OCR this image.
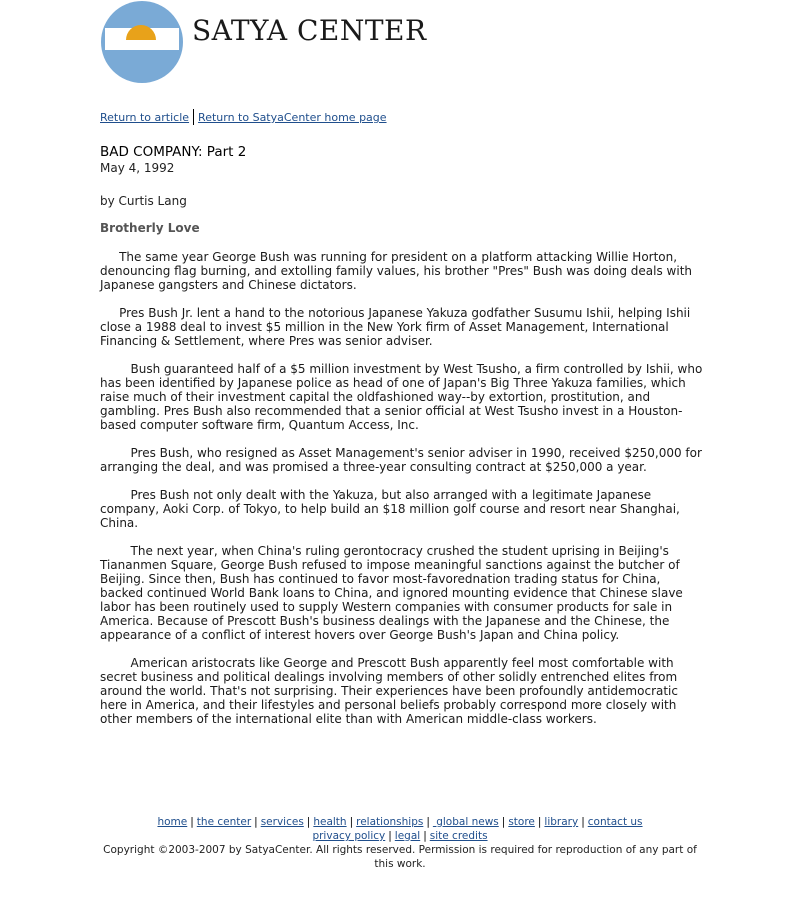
SATYA CENTER
Return to article Return to SatyaCenter home page
BAD COMPANY: Part 2
May 4, 1992
by Curtis Lang
Brotherly Love

The same year George Bush was running for president on a platform attacking Willie Horton, denouncing flag burning, and extolling family values, his brother "Pres" Bush was doing deals with Japanese gangsters and Chinese dictators.

Pres Bush Jr. lent a hand to the notorious Japanese Yakuza godfather Susumu Ishii, helping Ishii close a 1988 deal to invest $5 million in the New York firm of Asset Management, International Financing & Settlement, where Pres was senior adviser.

Bush guaranteed half of a $5 million investment by West Tsusho, a firm controlled by Ishii, who has been identified by Japanese police as head of one of Japan's Big Three Yakuza families, which raise much of their investment capital the oldfashioned way--by extortion, prostitution, and gambling. Pres Bush also recommended that a senior official at West Tsusho invest in a Houston-based computer software firm, Quantum Access, Inc.

Pres Bush, who resigned as Asset Management's senior adviser in 1990, received $250,000 for arranging the deal, and was promised a three-year consulting contract at $250,000 a year.

Pres Bush not only dealt with the Yakuza, but also arranged with a legitimate Japanese company, Aoki Corp. of Tokyo, to help build an $18 million golf course and resort near Shanghai, China.

The next year, when China's ruling gerontocracy crushed the student uprising in Beijing's Tiananmen Square, George Bush refused to impose meaningful sanctions against the butcher of Beijing. Since then, Bush has continued to favor most-favorednation trading status for China, backed continued World Bank loans to China, and ignored mounting evidence that Chinese slave labor has been routinely used to supply Western companies with consumer products for sale in America. Because of Prescott Bush's business dealings with the Japanese and the Chinese, the appearance of a conflict of interest hovers over George Bush's Japan and China policy.

American aristocrats like George and Prescott Bush apparently feel most comfortable with secret business and political dealings involving members of other solidly entrenched elites from around the world. That's not surprising. Their experiences have been profoundly antidemocratic here in America, and their lifestyles and personal beliefs probably correspond more closely with other members of the international elite than with American middle-class workers.

home | the center | services | health | relationships | global news | store | library | contact us
privacy policy | legal | site credits
Copyright ©2003-2007 by SatyaCenter. All rights reserved. Permission is required for reproduction of any part of this work.
